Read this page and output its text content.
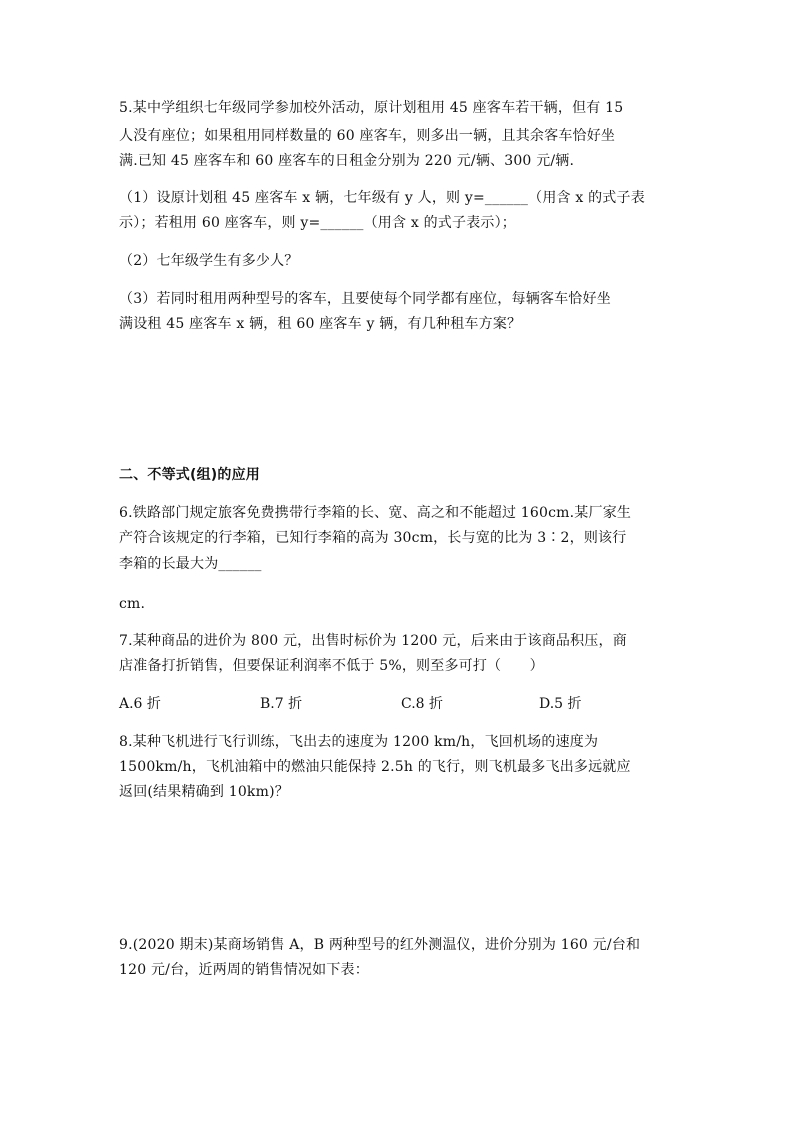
5.某中学组织七年级同学参加校外活动，原计划租用 45 座客车若干辆，但有 15
人没有座位；如果租用同样数量的 60 座客车，则多出一辆，且其余客车恰好坐
满.已知 45 座客车和 60 座客车的日租金分别为 220 元/辆、300 元/辆.
（1）设原计划租 45 座客车 x 辆，七年级有 y 人，则 y=______（用含 x 的式子表
示）；若租用 60 座客车，则 y=______（用含 x 的式子表示）；
（2）七年级学生有多少人？
（3）若同时租用两种型号的客车，且要使每个同学都有座位，每辆客车恰好坐
满设租 45 座客车 x 辆，租 60 座客车 y 辆，有几种租车方案？
二、不等式(组)的应用
6.铁路部门规定旅客免费携带行李箱的长、宽、高之和不能超过 160cm.某厂家生
产符合该规定的行李箱，已知行李箱的高为 30cm，长与宽的比为 3∶2，则该行
李箱的长最大为______
cm.
7.某种商品的进价为 800 元，出售时标价为 1200 元，后来由于该商品积压，商
店准备打折销售，但要保证利润率不低于 5%，则至多可打（　　）
A.6 折	B.7 折	C.8 折	D.5 折
8.某种飞机进行飞行训练，飞出去的速度为 1200 km/h，飞回机场的速度为
1500km/h，飞机油箱中的燃油只能保持 2.5h 的飞行，则飞机最多飞出多远就应
返回(结果精确到 10km)？
9.(2020 期末)某商场销售 A，B 两种型号的红外测温仪，进价分别为 160 元/台和
120 元/台，近两周的销售情况如下表：
